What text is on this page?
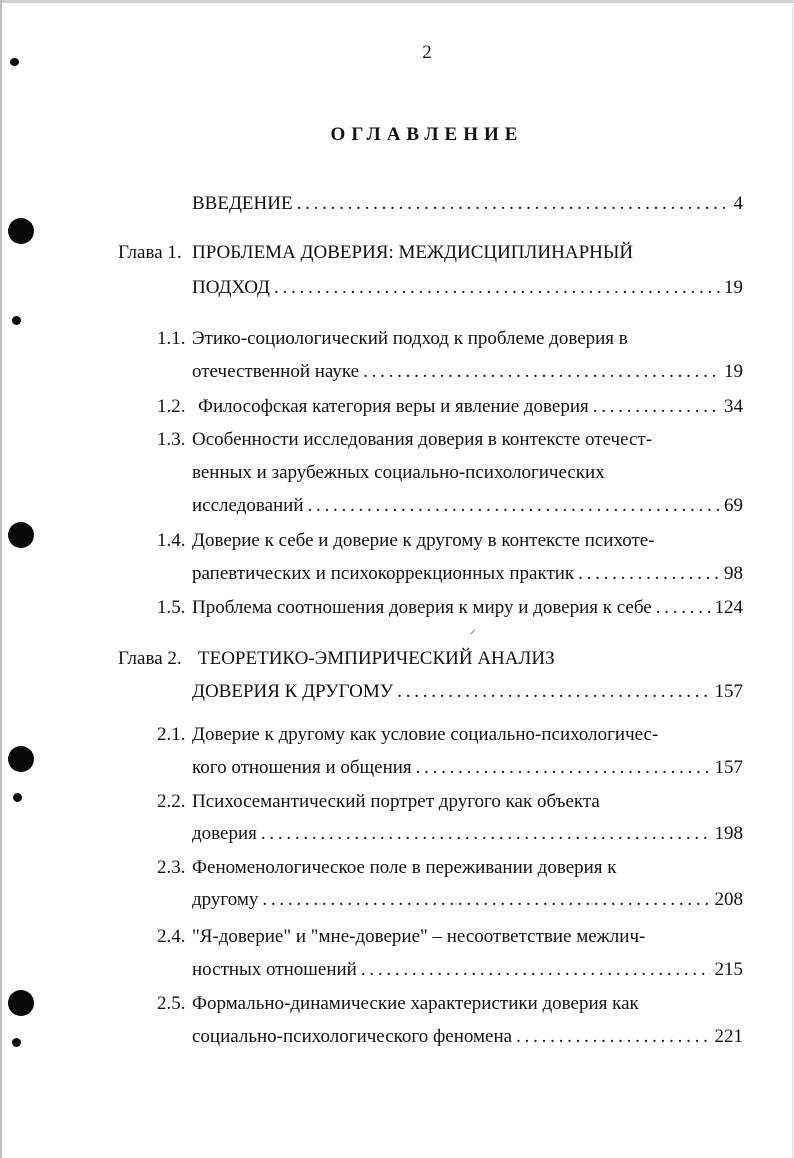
2
ОГЛАВЛЕНИЕ
ВВЕДЕНИЕ . . .	4
Глава 1. ПРОБЛЕМА ДОВЕРИЯ: МЕЖДИСЦИПЛИНАРНЫЙ
ПОДХОД . . .	19
1.1. Этико-социологический подход к проблеме доверия в
отечественной науке . . .	19
1.2. Философская категория веры и явление доверия . . .	34
1.3. Особенности исследования доверия в контексте отечест-
венных и зарубежных социально-психологических
исследований . . .	69
1.4. Доверие к себе и доверие к другому в контексте психоте-
рапевтических и психокоррекционных практик . . .	98
1.5. Проблема соотношения доверия к миру и доверия к себе . . .	124
⸝
Глава 2. ТЕОРЕТИКО-ЭМПИРИЧЕСКИЙ АНАЛИЗ
ДОВЕРИЯ К ДРУГОМУ . . .	157
2.1. Доверие к другому как условие социально-психологичес-
кого отношения и общения . . .	157
2.2. Психосемантический портрет другого как объекта
доверия . . .	198
2.3. Феноменологическое поле в переживании доверия к
другому . . .	208
2.4. "Я-доверие" и "мне-доверие" – несоответствие межлич-
ностных отношений . . .	215
2.5. Формально-динамические характеристики доверия как
социально-психологического феномена . . .	221
